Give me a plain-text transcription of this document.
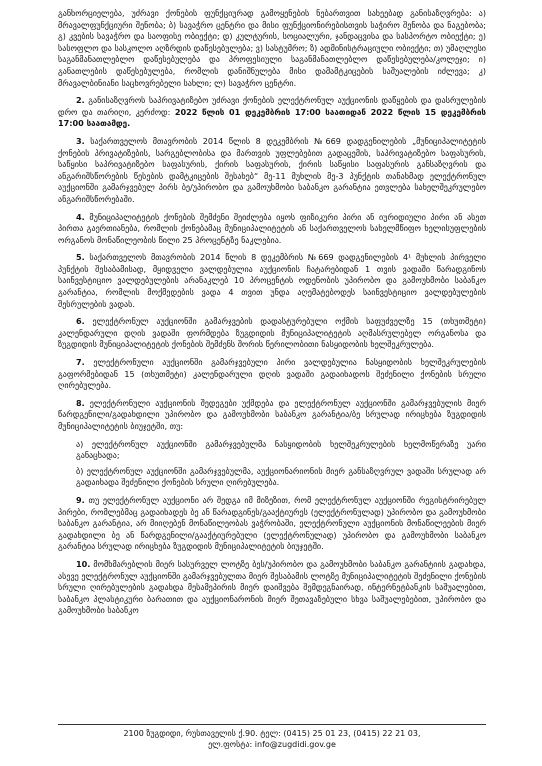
განხორციელება, უძრავი ქონების ფუნქციურად გამოყენების ნებართვით სახეებად განისაზღვრება: ა) მრავალფუნქციური შენობა; ბ) სავაჭრო ცენტრი და მისი ფუნქციონირებისთვის საჭირო შენობა და ნაგებობა; გ) კვების სავაჭრო და საოფისე ობიექტი; დ) კულტურის, სოციალური, ჯანდაცვისა და სასპორტო ობიექტი; ე) სასოფლო და სასკოლო აღზრდის დაწესებულება; ვ) სასტუმრო; ზ) ადმინისტრაციული ობიექტი; თ) უმაღლესი საგანმანათლებლო დაწესებულება და პროფესიული საგანმანათლებლო დაწესებულება/კოლეჯი; ი) განათლების დაწესებულება, რომლის დანიშნულება მისი დამამტკიცების საშუალების იძლევა; კ) მრავალბინიანი საცხოვრებელი სახლი; ლ) სავაჭრო ცენტრი.

2. განისაზღვროს საპრივატიზებო უძრავი ქონების ელექტრონულ აუქციონის დაწყების და დასრულების დრო და თარიღი, კერძოდ: 2022 წლის 01 დეკემბრის 17:00 საათიდან 2022 წლის 15 დეკემბრის 17:00 საათამდე.

3. საქართველოს მთავრობის 2014 წლის 8 დეკემბრის №669 დადგენილების „მუნიციპალიტეტის ქონების პრივატიზების, სარგებლობისა და მართვის უფლებებით გადაცემის, საპრივატიზებო საფასურის, საწყისი საპრივატიზებო საფასურის, ქირის საფასურის, ქირის საწყისი საფასურის განსაზღვრის და ანგარიშსწორების წესების დამტკიცების შესახებ“ მე-11 მუხლის მე-3 პუნქტის თანახმად ელექტრონულ აუქციონში გამარჯვებულ პირს ბე/უპირობო და გამოუხმობი საბანკო გარანტია ეთვლება სახელშეკრულებო ანგარიშსწორებაში.

4. მუნიციპალიტეტის ქონების შემძენი შეიძლება იყოს ფიზიკური პირი ან იურიდიული პირი ან ასეთ პირთა გაერთიანება, რომლის ქონებამაც მუნიციპალიტეტის ან საქართველოს სახელმწიფო ხელისუფლების ორგანოს მონაწილეობის წილი 25 პროცენტზე ნაკლებია.

5. საქართველოს მთავრობის 2014 წლის 8 დეკემბრის №669 დადგენილების 4¹ მუხლის პირველი პუნქტის შესაბამისად, მყიდველი ვალდებულია აუქციონის ჩატარებიდან 1 თვის ვადაში წარადგინოს საინვესტიციო ვალდებულების არანაკლებ 10 პროცენტის ოდენობის უპირობო და გამოუხმობი საბანკო გარანტია, რომლის მოქმედების ვადა 4 თვით უნდა აღემატებოდეს საინვესტიციო ვალდებულების შესრულების ვადას.

6. ელექტრონულ აუქციონში გამარჯვების დადასტურებული ოქმის საფუძველზე 15 (თხუთმეტი) კალენდარული დღის ვადაში ფორმდება ზუგდიდის მუნიციპალიტეტის აღმასრულებელ ორგანოსა და ზუგდიდის მუნიციპალიტეტის ქონების შემძენს შორის წერილობითი ნასყიდობის ხელშეკრულება.

7. ელექტრონული აუქციონში გამარჯვებული პირი ვალდებულია ნასყიდობის ხელშეკრულების გაფორმებიდან 15 (თხუთმეტი) კალენდარული დღის ვადაში გადაიხადოს შეძენილი ქონების სრული ღირებულება.

8. ელექტრონული აუქციონის შედეგები უქმდება და ელექტრონულ აუქციონში გამარჯვებულის მიერ წარდგენილი/გადახდილი უპირობო და გამოუხმობი საბანკო გარანტია/ბე სრულად ირიცხება ზუგდიდის მუნიციპალიტეტის ბიუჯეტში, თუ:

ა) ელექტრონულ აუქციონში გამარჯვებულმა ნასყიდობის ხელშეკრულების ხელმოწერაზე უარი განაცხადა;

ბ) ელექტრონულ აუქციონში გამარჯვებულმა, აუქციონარიონის მიერ განსაზღვრულ ვადაში სრულად არ გადაიხადა შეძენილი ქონების სრული ღირებულება.

9. თუ ელექტრონულ აუქციონი არ შედგა იმ მიზეზით, რომ ელექტრონულ აუქციონში რეგისტრირებულ პირები, რომლებმაც გადაიხადეს ბე ან წარადგინეს/გააქტიურეს (ელექტრონულად) უპირობო და გამოუხმობი საბანკო გარანტია, არ მიიღებენ მონაწილეობას ვაჭრობაში, ელექტრონული აუქციონის მონაწილეების მიერ გადახდილი ბე ან წარდგენილი/გააქტიურებული (ელექტრონულად) უპირობო და გამოუხმობი საბანკო გარანტია სრულად ირიცხება ზუგდიდის მუნიციპალიტეტის ბიუჯეტში.

10. მომხმარებლის მიერ სასურველ ლოტზე ბეს/უპირობო და გამოუხმობი საბანკო გარანტიის გადახდა, ასევე ელექტრონულ აუქციონში გამარჯვებულთა მიერ შესაბამის ლოტზე მუნიციპალიტეტის შეძენილი ქონების სრული ღირებულების გადახდა მესამეპირის მიერ დაიშვება შემდეგნაირად, ინტერნეტბანკის საშუალებით, საბანკო პლასტიკური ბარათით და აუქციონარონის მიერ შეთავაზებული სხვა საშუალებებით, უპირობო და გამოუხმობი საბანკო

2100 ზუგდიდი, რუსთაველის ქ.90. ტელ: (0415) 25 01 23, (0415) 22 21 03,
ელ.ფოსტა: info@zugdidi.gov.ge
